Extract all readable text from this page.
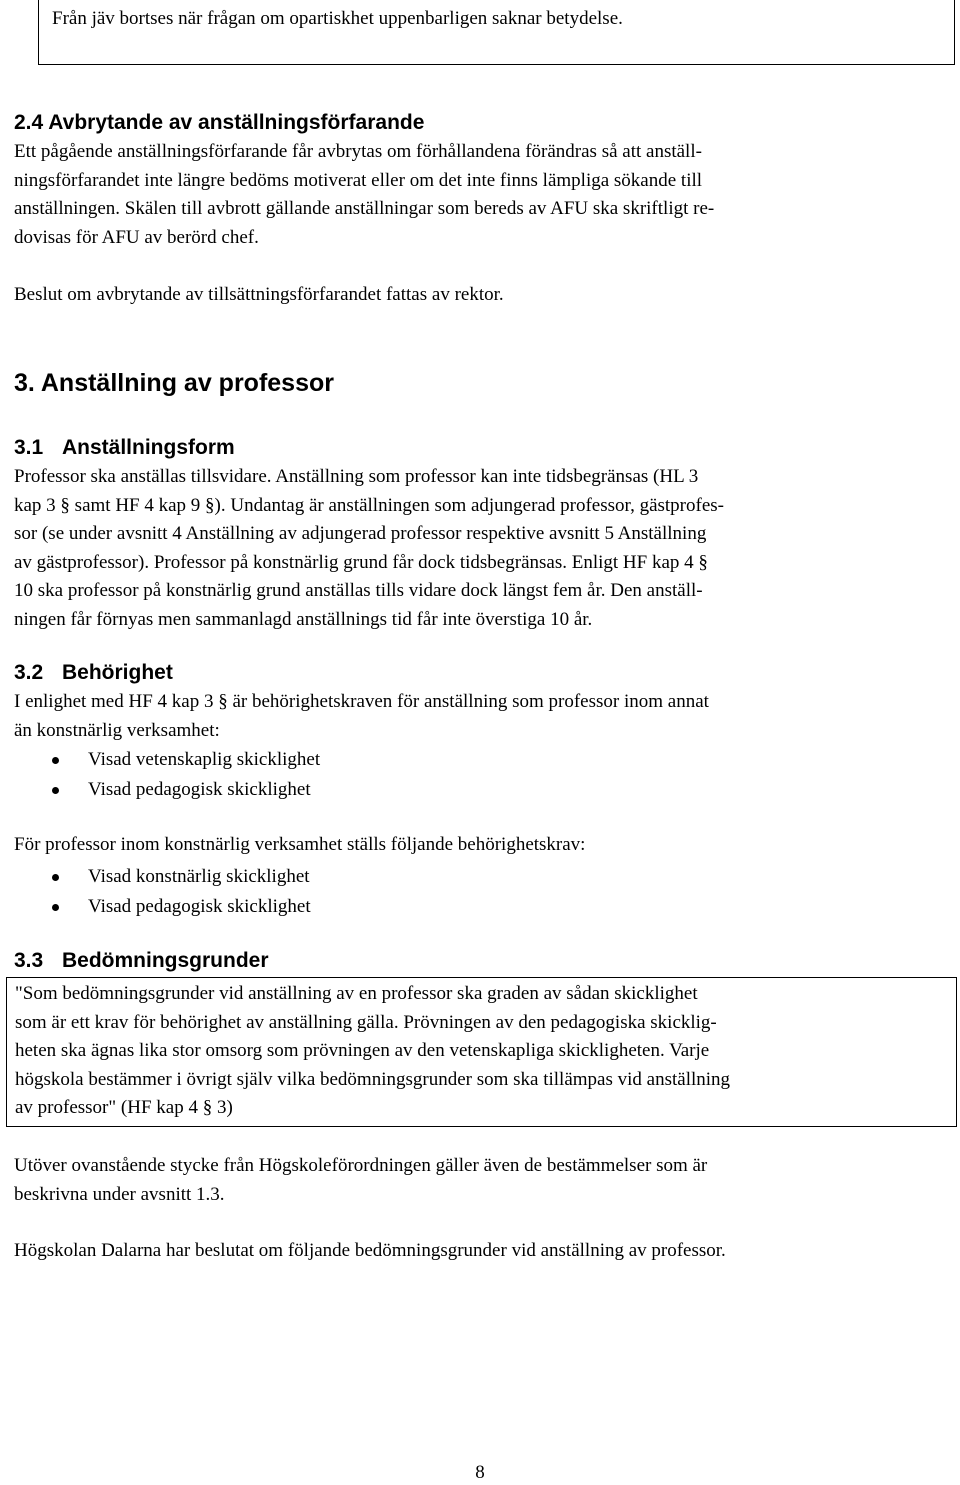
Från jäv bortses när frågan om opartiskhet uppenbarligen saknar betydelse.
2.4 Avbrytande av anställningsförfarande
Ett pågående anställningsförfarande får avbrytas om förhållandena förändras så att anställ-
ningsförfarandet inte längre bedöms motiverat eller om det inte finns lämpliga sökande till
anställningen. Skälen till avbrott gällande anställningar som bereds av AFU ska skriftligt re-
dovisas för AFU av berörd chef.
Beslut om avbrytande av tillsättningsförfarandet fattas av rektor.
3. Anställning av professor
3.1 Anställningsform
Professor ska anställas tillsvidare. Anställning som professor kan inte tidsbegränsas (HL 3
kap 3 § samt HF 4 kap 9 §). Undantag är anställningen som adjungerad professor, gästprofes-
sor (se under avsnitt 4 Anställning av adjungerad professor respektive avsnitt 5 Anställning
av gästprofessor). Professor på konstnärlig grund får dock tidsbegränsas. Enligt HF kap 4 §
10 ska professor på konstnärlig grund anställas tills vidare dock längst fem år. Den anställ-
ningen får förnyas men sammanlagd anställnings tid får inte överstiga 10 år.
3.2 Behörighet
I enlighet med HF 4 kap 3 § är behörighetskraven för anställning som professor inom annat
än konstnärlig verksamhet:
Visad vetenskaplig skicklighet
Visad pedagogisk skicklighet
För professor inom konstnärlig verksamhet ställs följande behörighetskrav:
Visad konstnärlig skicklighet
Visad pedagogisk skicklighet
3.3 Bedömningsgrunder
"Som bedömningsgrunder vid anställning av en professor ska graden av sådan skicklighet
som är ett krav för behörighet av anställning gälla. Prövningen av den pedagogiska skicklig-
heten ska ägnas lika stor omsorg som prövningen av den vetenskapliga skickligheten. Varje
högskola bestämmer i övrigt själv vilka bedömningsgrunder som ska tillämpas vid anställning
av professor" (HF kap 4 § 3)
Utöver ovanstående stycke från Högskoleförordningen gäller även de bestämmelser som är
beskrivna under avsnitt 1.3.
Högskolan Dalarna har beslutat om följande bedömningsgrunder vid anställning av professor.
8
